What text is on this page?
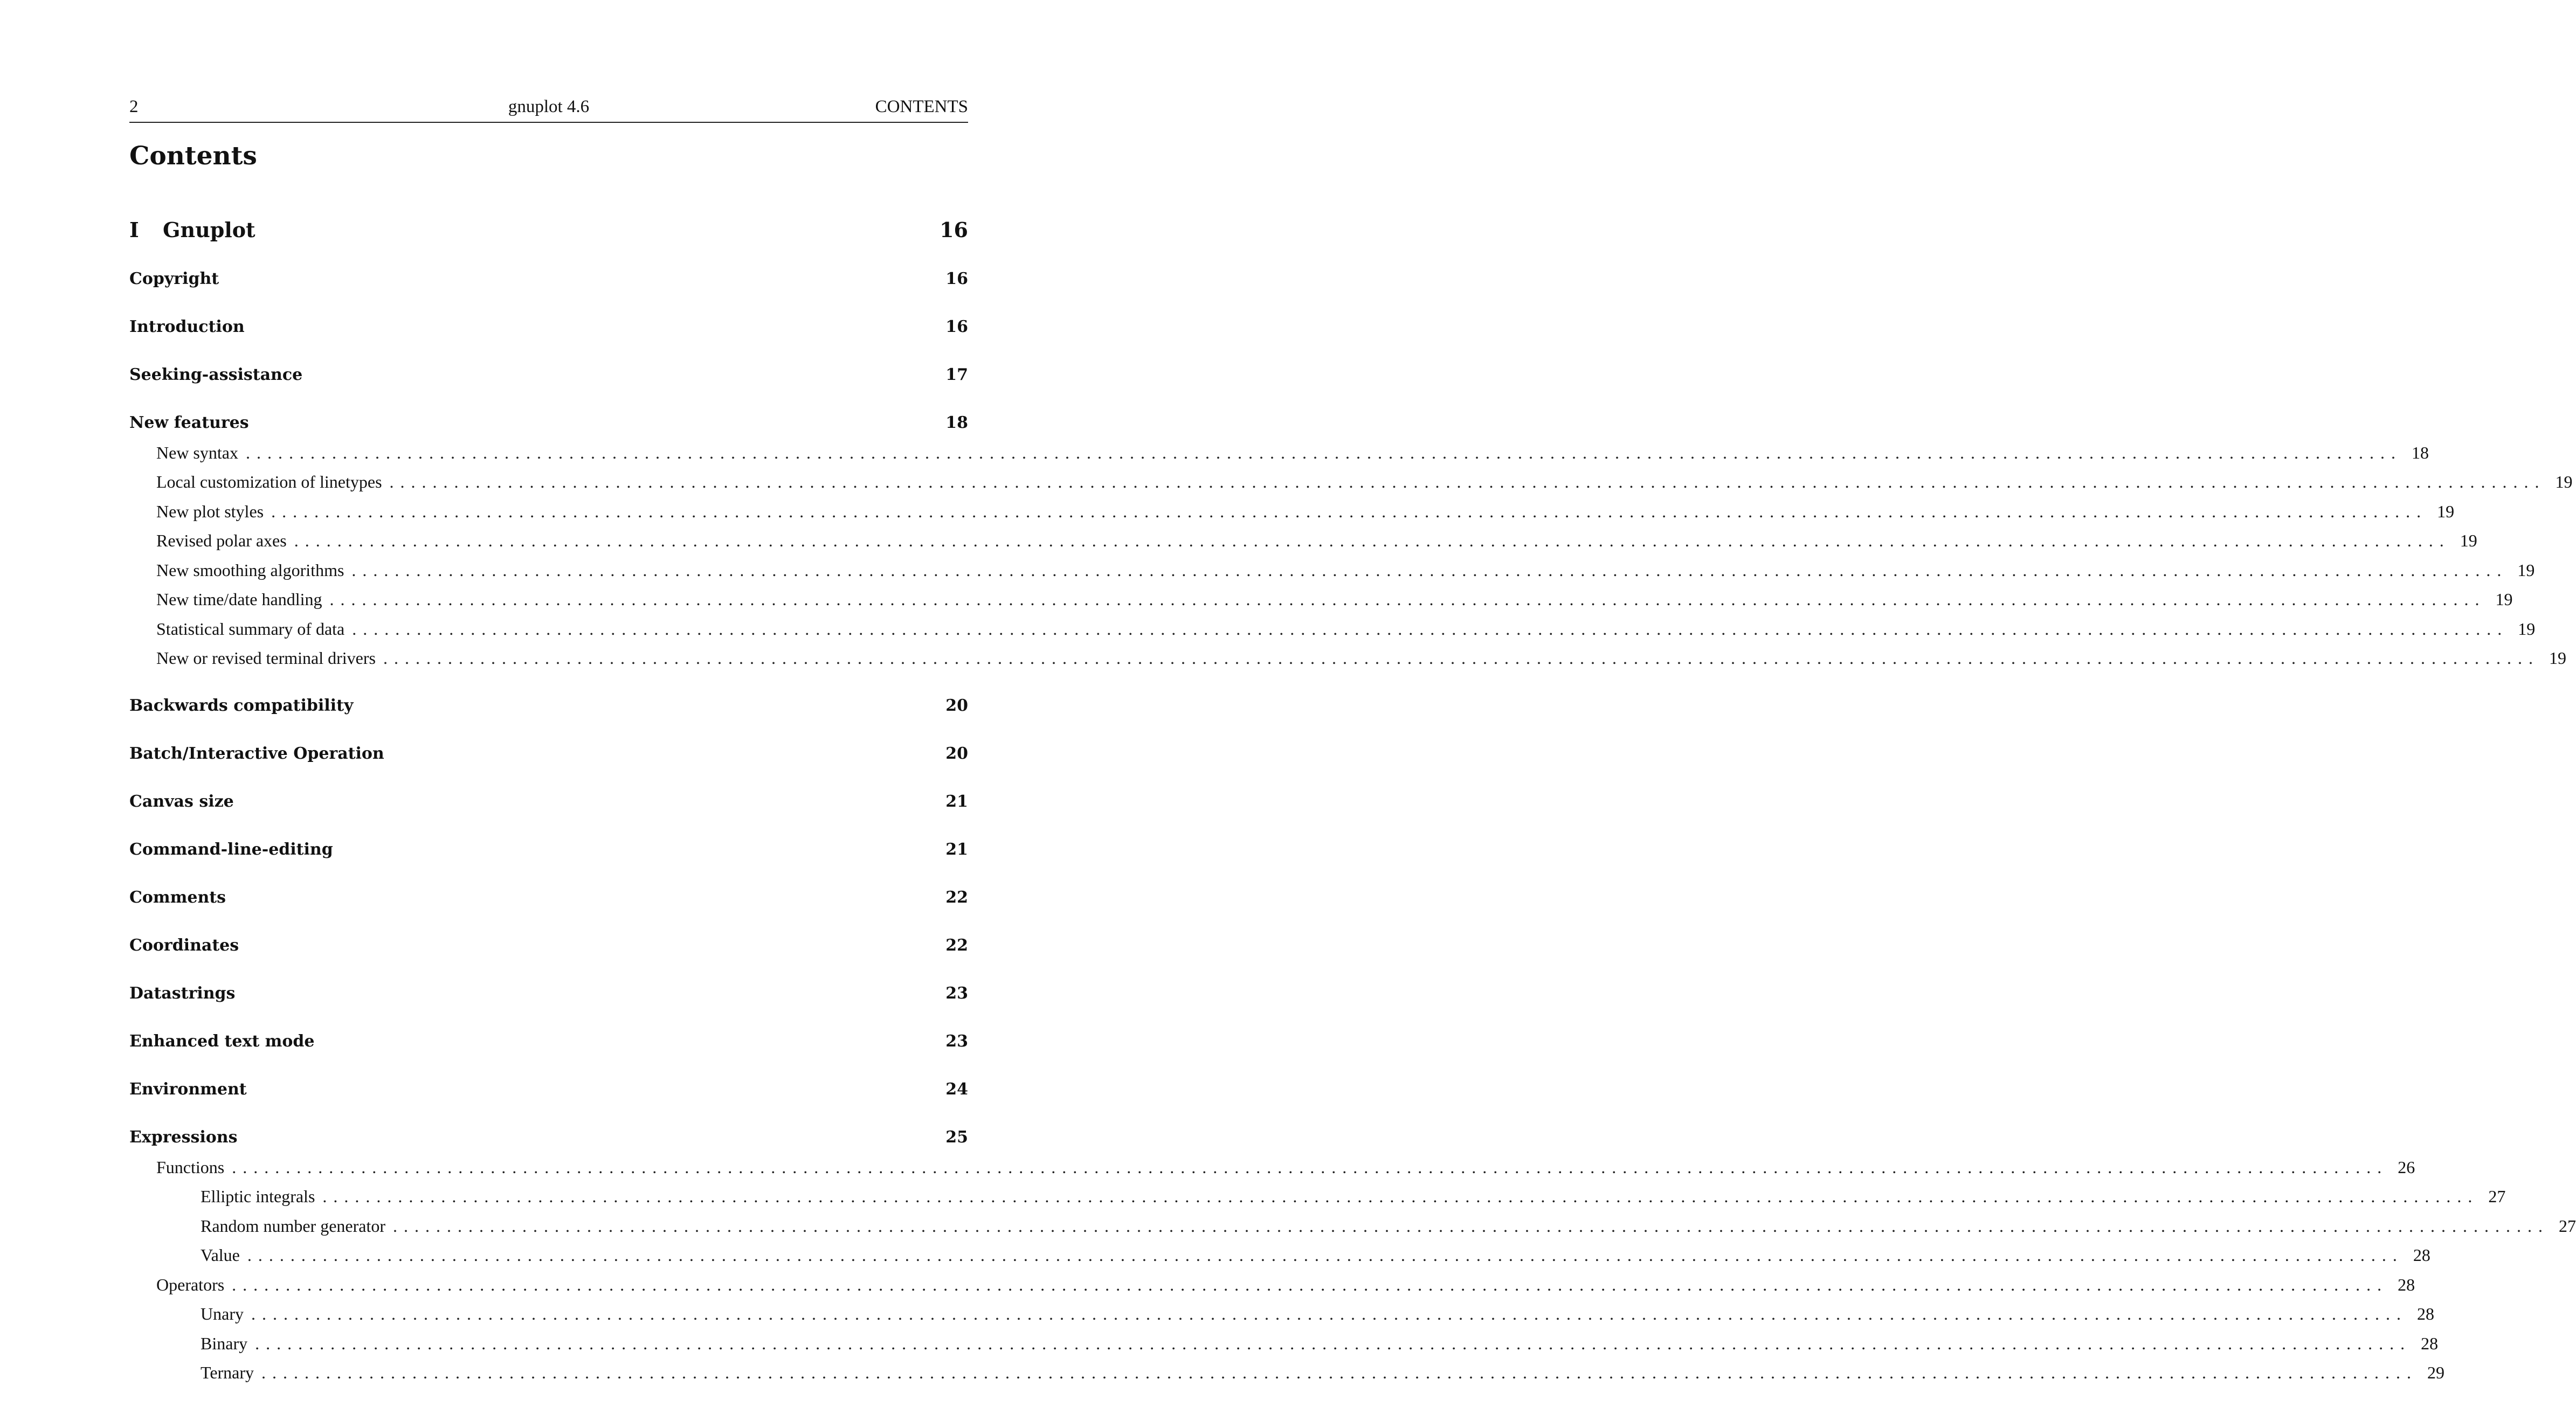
2	gnuplot 4.6	CONTENTS
Contents
I Gnuplot	16
Copyright	16
Introduction	16
Seeking-assistance	17
New features	18
New syntax ........................................................................................................................................................................................................ 18
Local customization of linetypes ........................................................................................................................................................................................................ 19
New plot styles ........................................................................................................................................................................................................ 19
Revised polar axes ........................................................................................................................................................................................................ 19
New smoothing algorithms ........................................................................................................................................................................................................ 19
New time/date handling ........................................................................................................................................................................................................ 19
Statistical summary of data ........................................................................................................................................................................................................ 19
New or revised terminal drivers ........................................................................................................................................................................................................ 19
Backwards compatibility	20
Batch/Interactive Operation	20
Canvas size	21
Command-line-editing	21
Comments	22
Coordinates	22
Datastrings	23
Enhanced text mode	23
Environment	24
Expressions	25
Functions ........................................................................................................................................................................................................ 26
Elliptic integrals ........................................................................................................................................................................................................ 27
Random number generator ........................................................................................................................................................................................................ 27
Value ........................................................................................................................................................................................................ 28
Operators ........................................................................................................................................................................................................ 28
Unary ........................................................................................................................................................................................................ 28
Binary ........................................................................................................................................................................................................ 28
Ternary ........................................................................................................................................................................................................ 29
